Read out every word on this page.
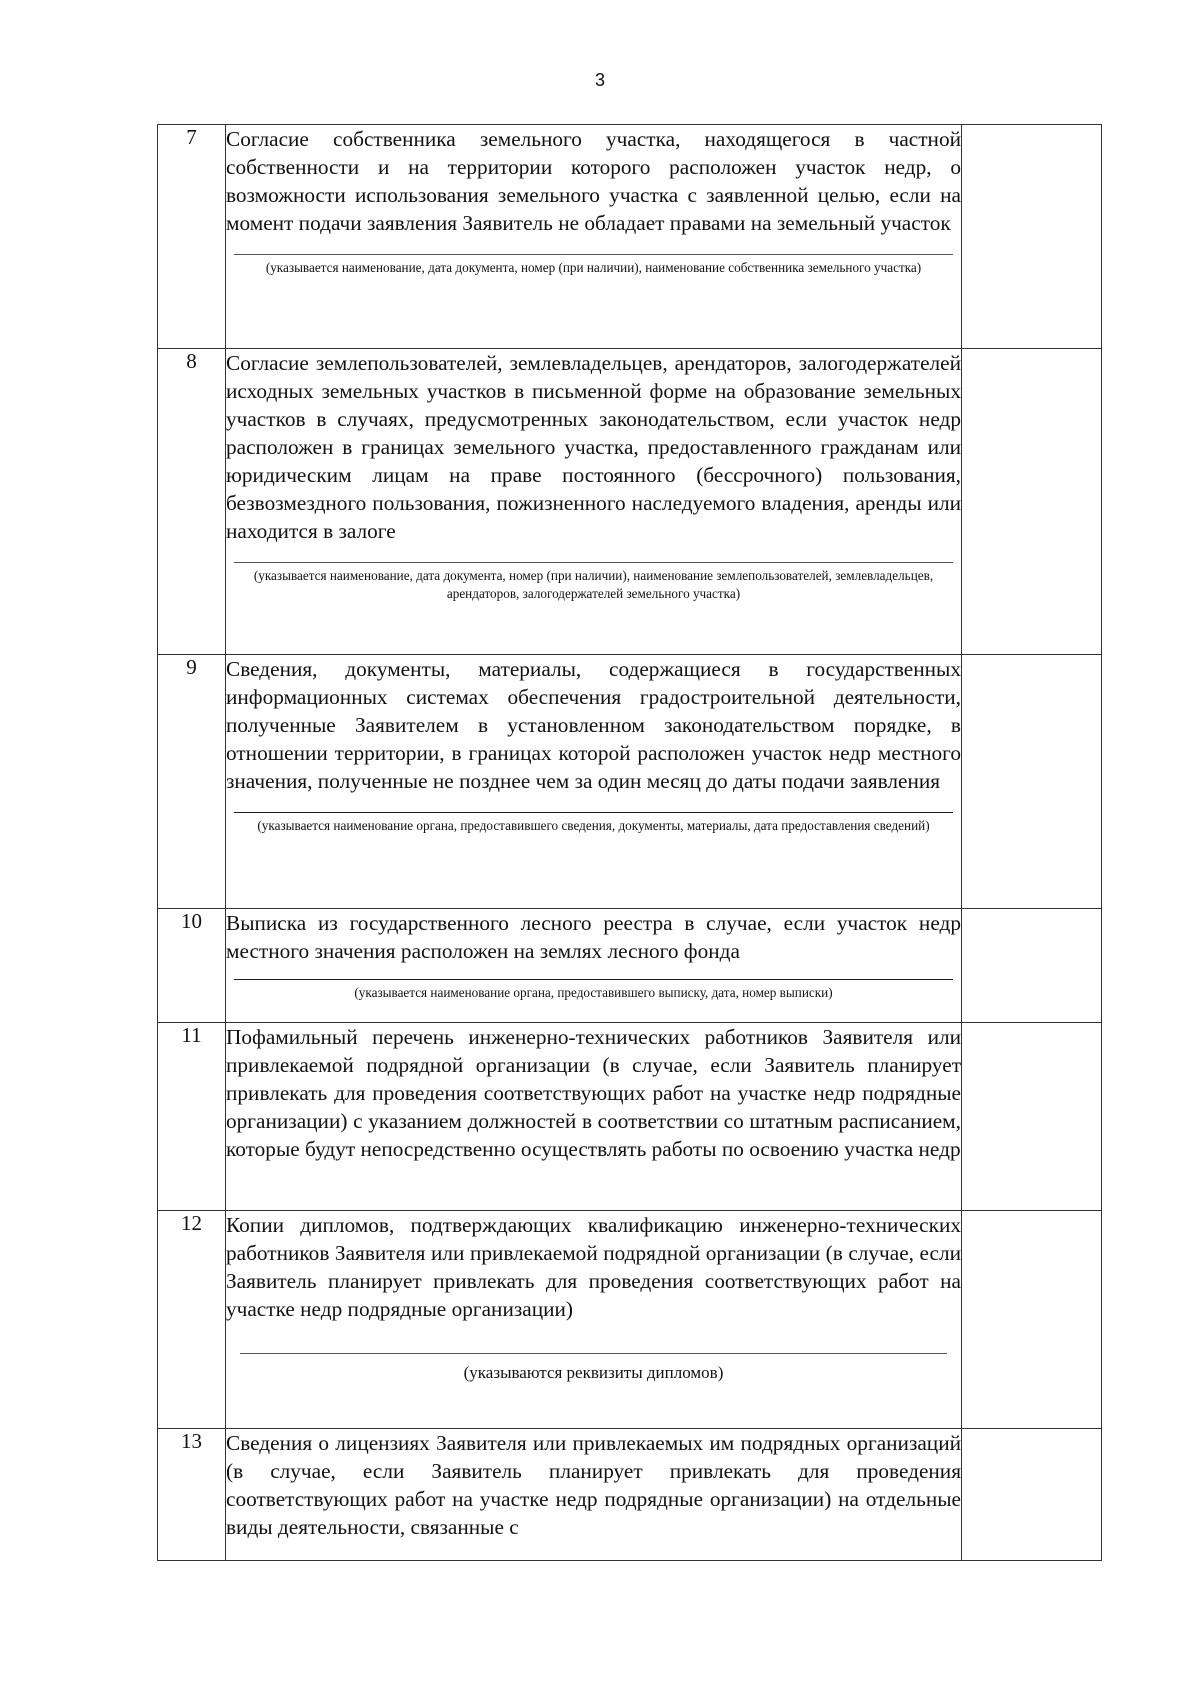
3
7	Согласие собственника земельного участка, находящегося в частной собственности и на территории которого расположен участок недр, о возможности использования земельного участка с заявленной целью, если на момент подачи заявления Заявитель не обладает правами на земельный участок
(указывается наименование, дата документа, номер (при наличии), наименование собственника земельного участка)	

8	Согласие землепользователей, землевладельцев, арендаторов, залогодержателей исходных земельных участков в письменной форме на образование земельных участков в случаях, предусмотренных законодательством, если участок недр расположен в границах земельного участка, предоставленного гражданам или юридическим лицам на праве постоянного (бессрочного) пользования, безвозмездного пользования, пожизненного наследуемого владения, аренды или находится в залоге
(указывается наименование, дата документа, номер (при наличии), наименование землепользователей, землевладельцев, арендаторов, залогодержателей земельного участка)	

9	Сведения, документы, материалы, содержащиеся в государственных информационных системах обеспечения градостроительной деятельности, полученные Заявителем в установленном законодательством порядке, в отношении территории, в границах которой расположен участок недр местного значения, полученные не позднее чем за один месяц до даты подачи заявления
(указывается наименование органа, предоставившего сведения, документы, материалы, дата предоставления сведений)	

10	Выписка из государственного лесного реестра в случае, если участок недр местного значения расположен на землях лесного фонда
(указывается наименование органа, предоставившего выписку, дата, номер выписки)	

11	Пофамильный перечень инженерно-технических работников Заявителя или привлекаемой подрядной организации (в случае, если Заявитель планирует привлекать для проведения соответствующих работ на участке недр подрядные организации) с указанием должностей в соответствии со штатным расписанием, которые будут непосредственно осуществлять работы по освоению участка недр	

12	Копии дипломов, подтверждающих квалификацию инженерно-технических работников Заявителя или привлекаемой подрядной организации (в случае, если Заявитель планирует привлекать для проведения соответствующих работ на участке недр подрядные организации)
(указываются реквизиты дипломов)	

13	Сведения о лицензиях Заявителя или привлекаемых им подрядных организаций (в случае, если Заявитель планирует привлекать для проведения соответствующих работ на участке недр подрядные организации) на отдельные виды деятельности, связанные с	
